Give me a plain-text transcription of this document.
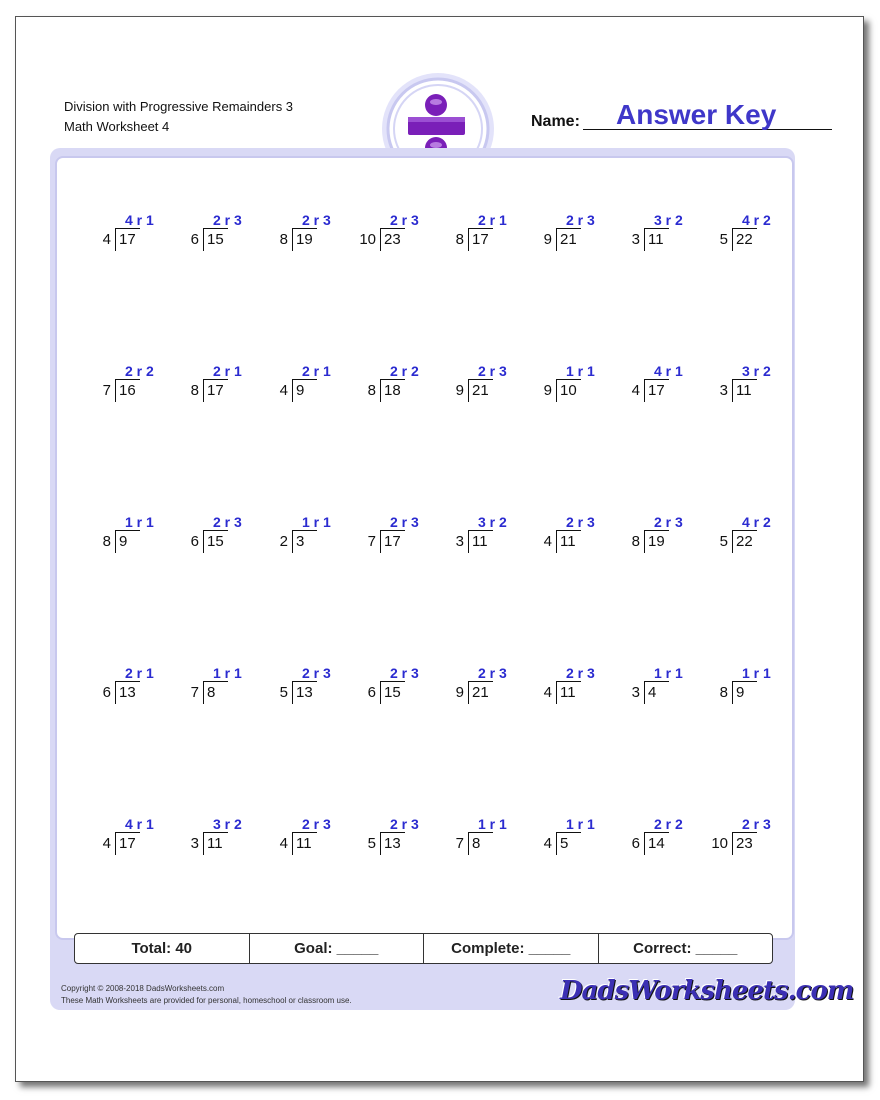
Division with Progressive Remainders 3
Math Worksheet 4	Name: Answer Key
Total: 40	Goal: _____	Complete: _____	Correct: _____
Copyright © 2008-2018 DadsWorksheets.com
These Math Worksheets are provided for personal, homeschool or classroom use.	DadsWorksheets.com
4 r 1
4 17
2 r 3
6 15
2 r 3
8 19
2 r 3
10 23
2 r 1
8 17
2 r 3
9 21
3 r 2
3 11
4 r 2
5 22
2 r 2
7 16
2 r 1
8 17
2 r 1
4 9
2 r 2
8 18
2 r 3
9 21
1 r 1
9 10
4 r 1
4 17
3 r 2
3 11
1 r 1
8 9
2 r 3
6 15
1 r 1
2 3
2 r 3
7 17
3 r 2
3 11
2 r 3
4 11
2 r 3
8 19
4 r 2
5 22
2 r 1
6 13
1 r 1
7 8
2 r 3
5 13
2 r 3
6 15
2 r 3
9 21
2 r 3
4 11
1 r 1
3 4
1 r 1
8 9
4 r 1
4 17
3 r 2
3 11
2 r 3
4 11
2 r 3
5 13
1 r 1
7 8
1 r 1
4 5
2 r 2
6 14
2 r 3
10 23
